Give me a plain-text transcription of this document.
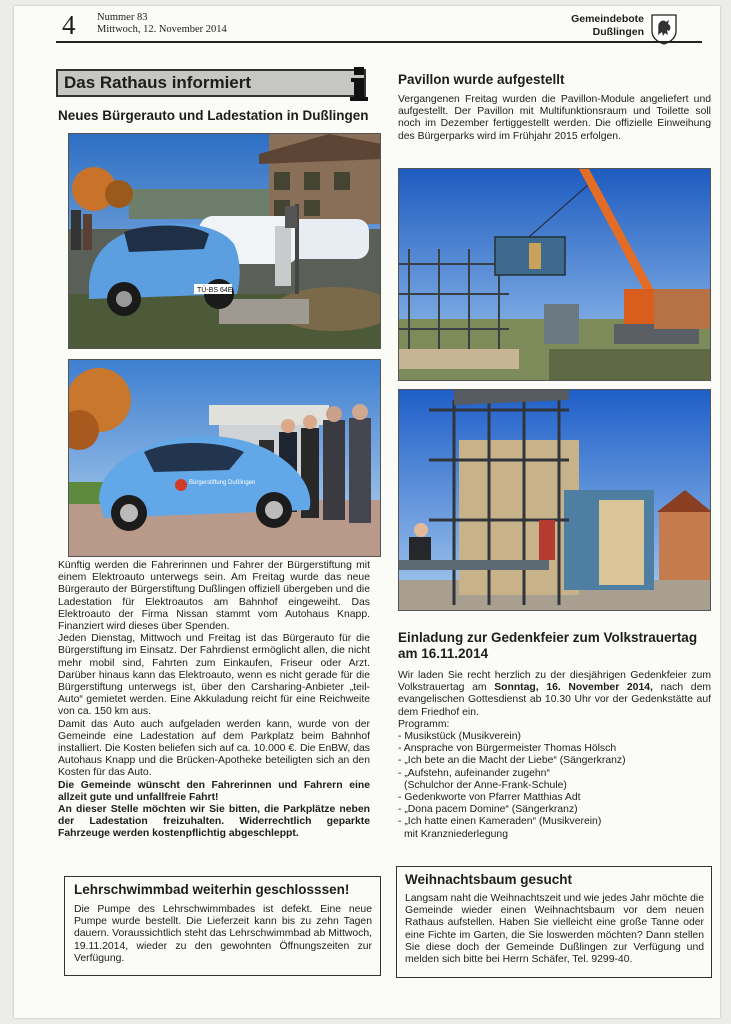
4 Nummer 83
Mittwoch, 12. November 2014
Gemeindebote
Dußlingen
Das Rathaus informiert
Neues Bürgerauto und Ladestation in Dußlingen
TÜ-BS 64E
Bürgerstiftung Dußlingen

Künftig werden die Fahrerinnen und Fahrer der Bürgerstiftung mit einem Elektroauto unterwegs sein. Am Freitag wurde das neue Bürgerauto der Bürgerstiftung Dußlingen offiziell übergeben und die Ladestation für Elektroautos am Bahnhof eingeweiht. Das Elektroauto der Firma Nissan stammt vom Autohaus Knapp. Finanziert wird dieses über Spenden.

Jeden Dienstag, Mittwoch und Freitag ist das Bürgerauto für die Bürgerstiftung im Einsatz. Der Fahrdienst ermöglicht allen, die nicht mehr mobil sind, Fahrten zum Einkaufen, Friseur oder Arzt. Darüber hinaus kann das Elektroauto, wenn es nicht gerade für die Bürgerstiftung unterwegs ist, über den Carsharing-Anbieter „teil-Auto“ gemietet werden. Eine Akkuladung reicht für eine Reichweite von ca. 150 km aus.

Damit das Auto auch aufgeladen werden kann, wurde von der Gemeinde eine Ladestation auf dem Parkplatz beim Bahnhof installiert. Die Kosten beliefen sich auf ca. 10.000 €. Die EnBW, das Autohaus Knapp und die Brücken-Apotheke beteiligten sich an den Kosten für das Auto.

Die Gemeinde wünscht den Fahrerinnen und Fahrern eine allzeit gute und unfallfreie Fahrt!

An dieser Stelle möchten wir Sie bitten, die Parkplätze neben der Ladestation freizuhalten. Widerrechtlich geparkte Fahrzeuge werden kostenpflichtig abgeschleppt.

Lehrschwimmbad weiterhin geschlosssen!
Die Pumpe des Lehrschwimmbades ist defekt. Eine neue Pumpe wurde bestellt. Die Lieferzeit kann bis zu zehn Tagen dauern. Voraussichtlich steht das Lehrschwimmbad ab Mittwoch, 19.11.2014, wieder zu den gewohnten Öffnungszeiten zur Verfügung.
Pavillon wurde aufgestellt
Vergangenen Freitag wurden die Pavillon-Module angeliefert und aufgestellt. Der Pavillon mit Multifunktionsraum und Toilette soll noch im Dezember fertiggestellt werden. Die offizielle Einweihung des Bürgerparks wird im Frühjahr 2015 erfolgen.
Einladung zur Gedenkfeier zum Volkstrauertag
am 16.11.2014

Wir laden Sie recht herzlich zu der diesjährigen Gedenkfeier zum Volkstrauertag am Sonntag, 16. November 2014, nach dem evangelischen Gottesdienst ab 10.30 Uhr vor der Gedenkstätte auf dem Friedhof ein.

Programm:

- Musikstück (Musikverein)
- Ansprache von Bürgermeister Thomas Hölsch
- „Ich bete an die Macht der Liebe“ (Sängerkranz)
- „Aufstehn, aufeinander zugehn“
(Schulchor der Anne-Frank-Schule)
- Gedenkworte von Pfarrer Matthias Adt
- „Dona pacem Domine“ (Sängerkranz)
- „Ich hatte einen Kameraden“ (Musikverein)
mit Kranzniederlegung
Weihnachtsbaum gesucht
Langsam naht die Weihnachtszeit und wie jedes Jahr möchte die Gemeinde wieder einen Weihnachtsbaum vor dem neuen Rathaus aufstellen. Haben Sie vielleicht eine große Tanne oder eine Fichte im Garten, die Sie loswerden möchten? Dann stellen Sie diese doch der Gemeinde Dußlingen zur Verfügung und melden sich bitte bei Herrn Schäfer, Tel. 9299-40.
